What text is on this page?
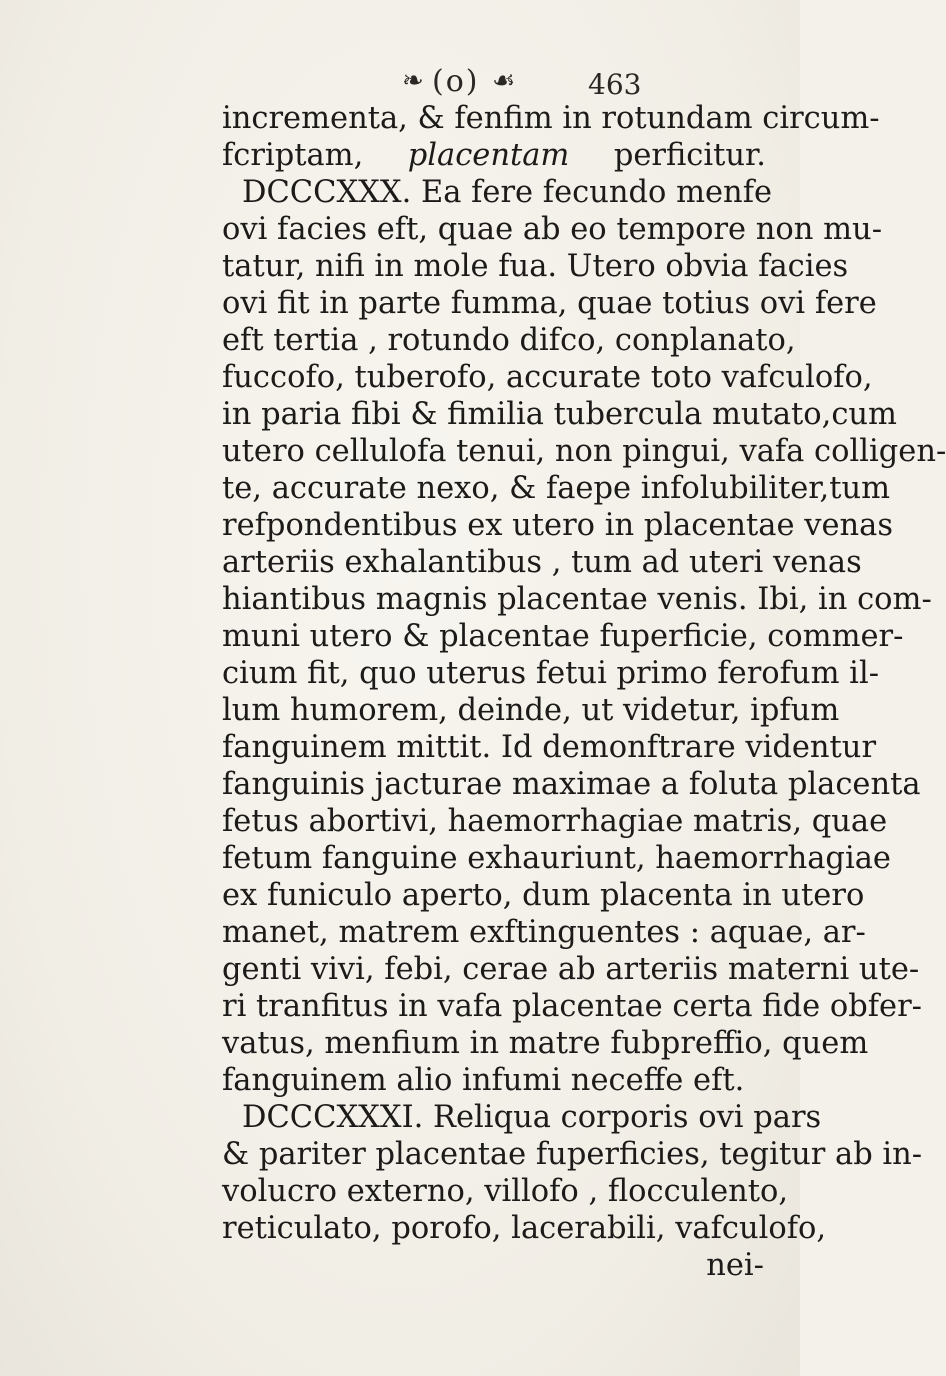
❧ (o) ☙	463
incrementa, & fenfim in rotundam circum-
fcriptam, placentam perficitur.
DCCCXXX. Ea fere fecundo menfe
ovi facies eft, quae ab eo tempore non mu-
tatur, nifi in mole fua. Utero obvia facies
ovi fit in parte fumma, quae totius ovi fere
eft tertia , rotundo difco, conplanato,
fuccofo, tuberofo, accurate toto vafculofo,
in paria fibi & fimilia tubercula mutato,cum
utero cellulofa tenui, non pingui, vafa colligen-
te, accurate nexo, & faepe infolubiliter,tum
refpondentibus ex utero in placentae venas
arteriis exhalantibus , tum ad uteri venas
hiantibus magnis placentae venis. Ibi, in com-
muni utero & placentae fuperficie, commer-
cium fit, quo uterus fetui primo ferofum il-
lum humorem, deinde, ut videtur, ipfum
fanguinem mittit. Id demonftrare videntur
fanguinis jacturae maximae a foluta placenta
fetus abortivi, haemorrhagiae matris, quae
fetum fanguine exhauriunt, haemorrhagiae
ex funiculo aperto, dum placenta in utero
manet, matrem exftinguentes : aquae, ar-
genti vivi, febi, cerae ab arteriis materni ute-
ri tranfitus in vafa placentae certa fide obfer-
vatus, menfium in matre fubpreffio, quem
fanguinem alio infumi neceffe eft.
DCCCXXXI. Reliqua corporis ovi pars
& pariter placentae fuperficies, tegitur ab in-
volucro externo, villofo , flocculento,
reticulato, porofo, lacerabili, vafculofo,
nei-
